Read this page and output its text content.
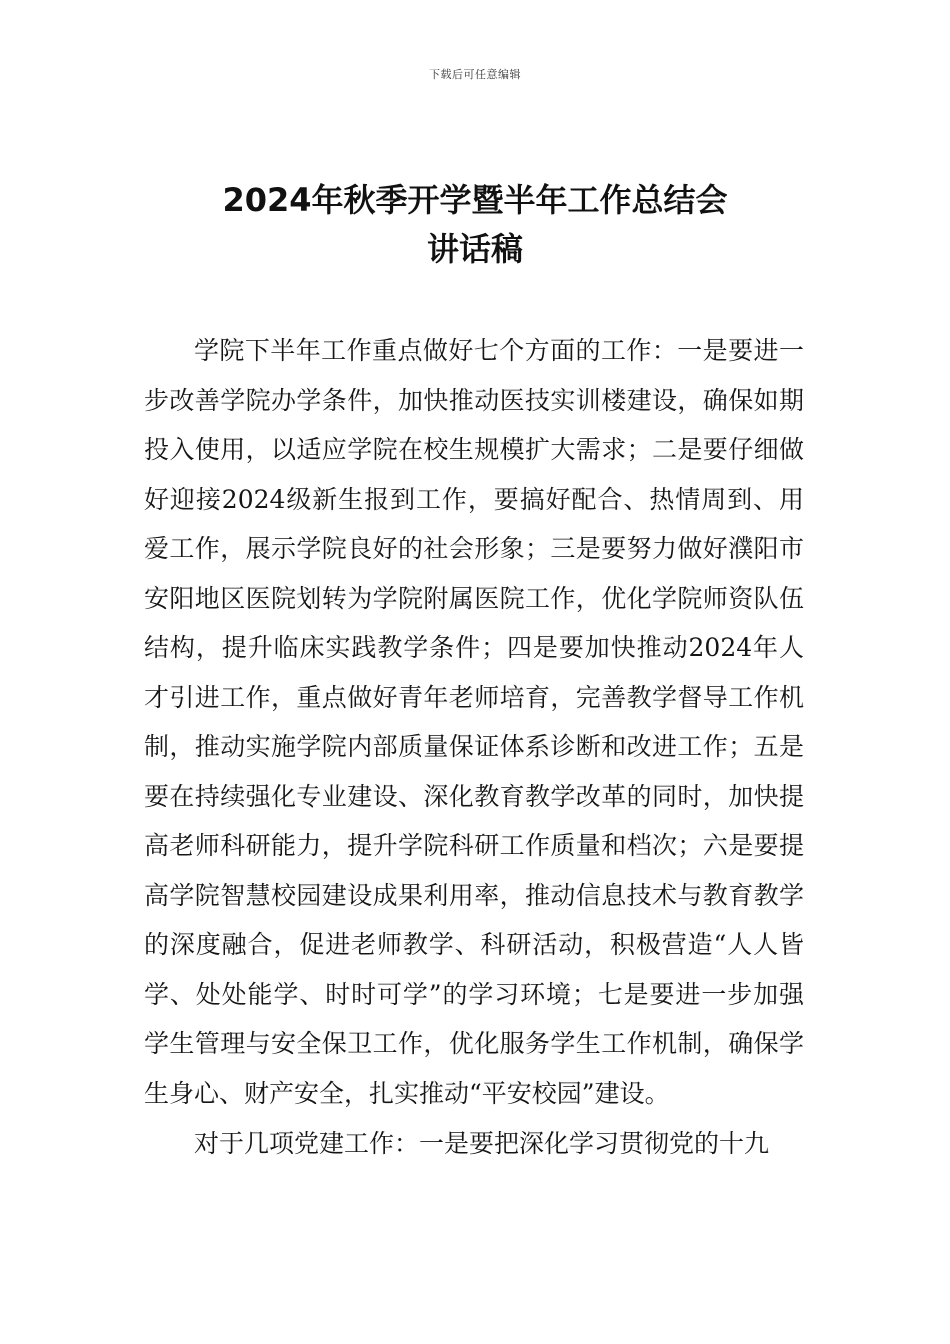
下载后可任意编辑
2024年秋季开学暨半年工作总结会
讲话稿

学院下半年工作重点做好七个方面的工作：一是要进一步改善学院办学条件，加快推动医技实训楼建设，确保如期投入使用，以适应学院在校生规模扩大需求；二是要仔细做好迎接2024级新生报到工作，要搞好配合、热情周到、用爱工作，展示学院良好的社会形象；三是要努力做好濮阳市安阳地区医院划转为学院附属医院工作，优化学院师资队伍结构，提升临床实践教学条件；四是要加快推动2024年人才引进工作，重点做好青年老师培育，完善教学督导工作机制，推动实施学院内部质量保证体系诊断和改进工作；五是要在持续强化专业建设、深化教育教学改革的同时，加快提高老师科研能力，提升学院科研工作质量和档次；六是要提高学院智慧校园建设成果利用率，推动信息技术与教育教学的深度融合，促进老师教学、科研活动，积极营造“人人皆学、处处能学、时时可学”的学习环境；七是要进一步加强学生管理与安全保卫工作，优化服务学生工作机制，确保学生身心、财产安全，扎实推动“平安校园”建设。

对于几项党建工作：一是要把深化学习贯彻党的十九
